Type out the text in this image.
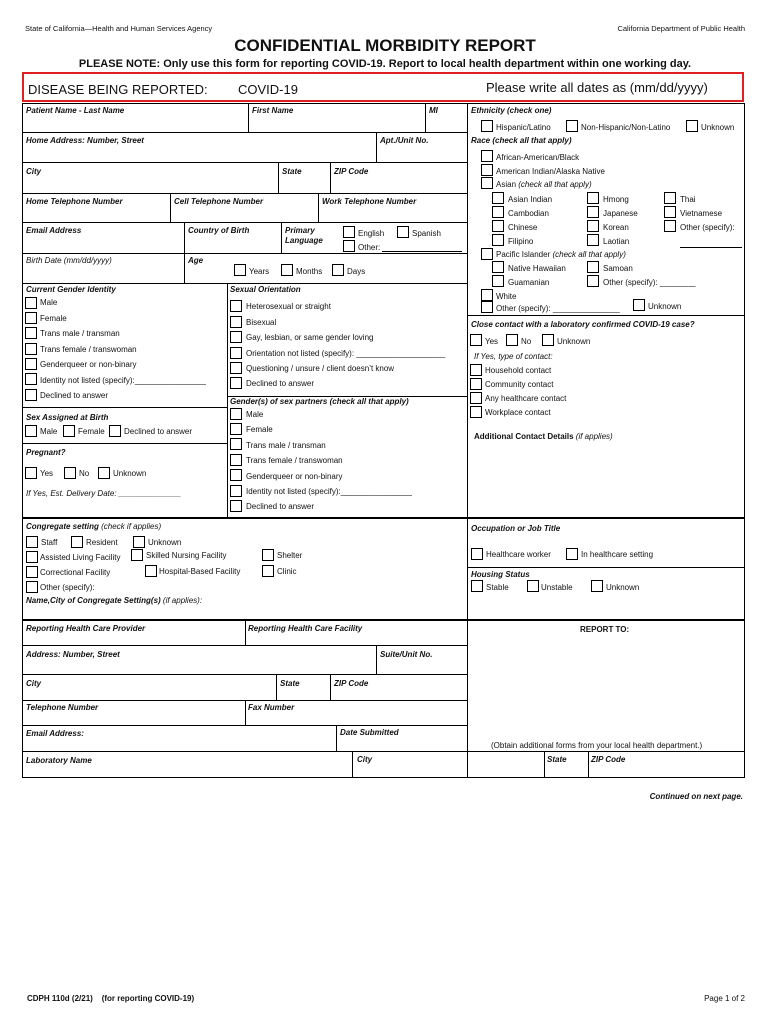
State of California—Health and Human Services Agency	California Department of Public Health
CONFIDENTIAL MORBIDITY REPORT
PLEASE NOTE: Only use this form for reporting COVID-19. Report to local health department within one working day.
DISEASE BEING REPORTED: COVID-19	Please write all dates as (mm/dd/yyyy)
Patient Name - Last Name	First Name	MI
Home Address: Number, Street	Apt./Unit No.
City	State	ZIP Code
Home Telephone Number	Cell Telephone Number	Work Telephone Number
Email Address	Country of Birth	Primary Language
English	Spanish
Other:
Birth Date (mm/dd/yyyy)	Age
Years	Months	Days
Current Gender Identity
Male
Female
Trans male / transman
Trans female / transwoman
Genderqueer or non-binary
Identity not listed (specify):________________
Declined to answer
Sex Assigned at Birth
Male	Female Declined to answer
Pregnant?
Yes	No	Unknown
If Yes, Est. Delivery Date: ______________
Sexual Orientation
Heterosexual or straight
Bisexual
Gay, lesbian, or same gender loving
Orientation not listed (specify): ____________________
Questioning / unsure / client doesn’t know
Declined to answer
Gender(s) of sex partners (check all that apply)
Male
Female
Trans male / transman
Trans female / transwoman
Genderqueer or non-binary
Identity not listed (specify):________________
Declined to answer
Ethnicity (check one)
Hispanic/Latino	Non-Hispanic/Non-Latino	Unknown
Race (check all that apply)
African-American/Black
American Indian/Alaska Native
Asian (check all that apply)
Asian Indian
Cambodian
Chinese
Filipino
Hmong
Japanese
Korean
Laotian
Thai
Vietnamese
Other (specify):
Pacific Islander (check all that apply)
Native Hawaiian
Guamanian
Samoan
Other (specify): ________
White
Other (specify): _______________	Unknown
Close contact with a laboratory confirmed COVID-19 case?
Yes	No	Unknown
If Yes, type of contact:
Household contact
Community contact
Any healthcare contact
Workplace contact
Additional Contact Details (if applies)
Congregate setting (check if applies)
Staff	Resident	Unknown
Assisted Living Facility	Skilled Nursing Facility	Shelter
Correctional Facility	Hospital-Based Facility	Clinic
Other (specify):
Name,City of Congregate Setting(s) (if applies):
Occupation or Job Title
Healthcare worker	In healthcare setting
Housing Status
Stable	Unstable	Unknown
Reporting Health Care Provider	Reporting Health Care Facility	REPORT TO:
Address: Number, Street	Suite/Unit No.
City	State	ZIP Code
Telephone Number	Fax Number
Email Address:	Date Submitted
(Obtain additional forms from your local health department.)
Laboratory Name	City	State	ZIP Code
Continued on next page.
CDPH 110d (2/21)    (for reporting COVID-19)	Page 1 of 2
